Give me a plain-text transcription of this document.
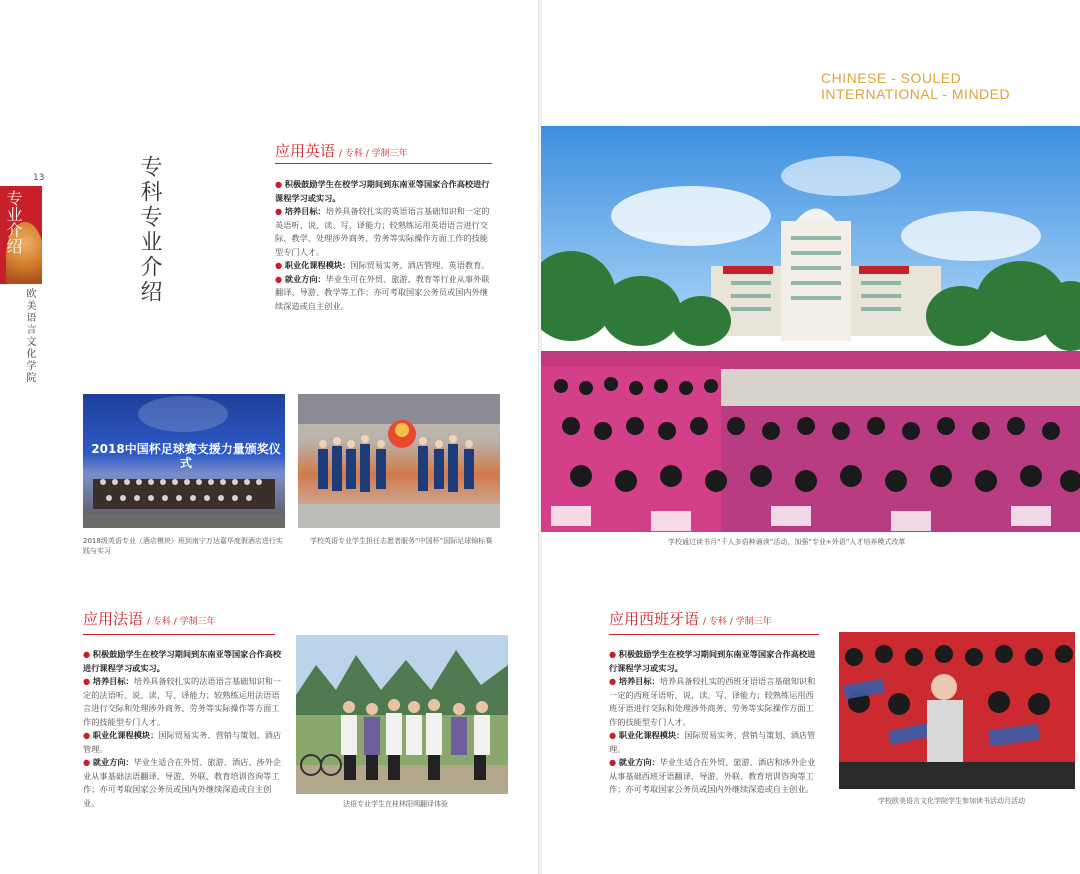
13
专业介绍
欧美语言文化学院
专科专业介绍
应用英语 / 专科 / 学制三年

● 积极鼓励学生在校学习期间到东南亚等国家合作高校进行课程学习或实习。

● 培养目标：培养具备较扎实的英语语言基础知识和一定的英语听、说、读、写、译能力；较熟练运用英语语言进行交际、教学、处理涉外商务、劳务等实际操作方面工作的技能型专门人才。

● 职业化课程模块：国际贸易实务、酒店管理、英语教育。

● 就业方向：毕业生可在外贸、旅游、教育等行业从事外联翻译、导游、教学等工作；亦可考取国家公务员或国内外继续深造或自主创业。

2018中国杯足球赛支援力量颁奖仪式
2018级英语专业（酒店模块）班到南宁万达嘉华度假酒店进行实践与实习
学校英语专业学生担任志愿者服务“中国杯”国际足球锦标赛
CHINESE - SOULED
INTERNATIONAL - MINDED
学校通过读书月“千人多语种诵读”活动，加强“专业+外语”人才培养模式改革
应用法语 / 专科 / 学制三年

● 积极鼓励学生在校学习期间到东南亚等国家合作高校进行课程学习或实习。

● 培养目标：培养具备较扎实的法语语言基础知识和一定的法语听、说、读、写、译能力；较熟练运用法语语言进行交际和处理涉外商务、劳务等实际操作等方面工作的技能型专门人才。

● 职业化课程模块：国际贸易实务、营销与策划、酒店管理。

● 就业方向：毕业生适合在外贸、旅游、酒店、涉外企业从事基础法语翻译、导游、外联、教育培训咨询等工作；亦可考取国家公务员或国内外继续深造或自主创业。	法语专业学生在桂林阳朔翻译体验
应用西班牙语 / 专科 / 学制三年

● 积极鼓励学生在校学习期间到东南亚等国家合作高校进行课程学习或实习。

● 培养目标：培养具备较扎实的西班牙语语言基础知识和一定的西班牙语听、说、读、写、译能力；较熟练运用西班牙语进行交际和处理涉外商务、劳务等实际操作方面工作的技能型专门人才。

● 职业化课程模块：国际贸易实务、营销与策划、酒店管理。

● 就业方向：毕业生适合在外贸、旅游、酒店和涉外企业从事基础西班牙语翻译、导游、外联、教育培训咨询等工作；亦可考取国家公务员或国内外继续深造或自主创业。

学校欧美语言文化学院学生参加读书活动月活动
